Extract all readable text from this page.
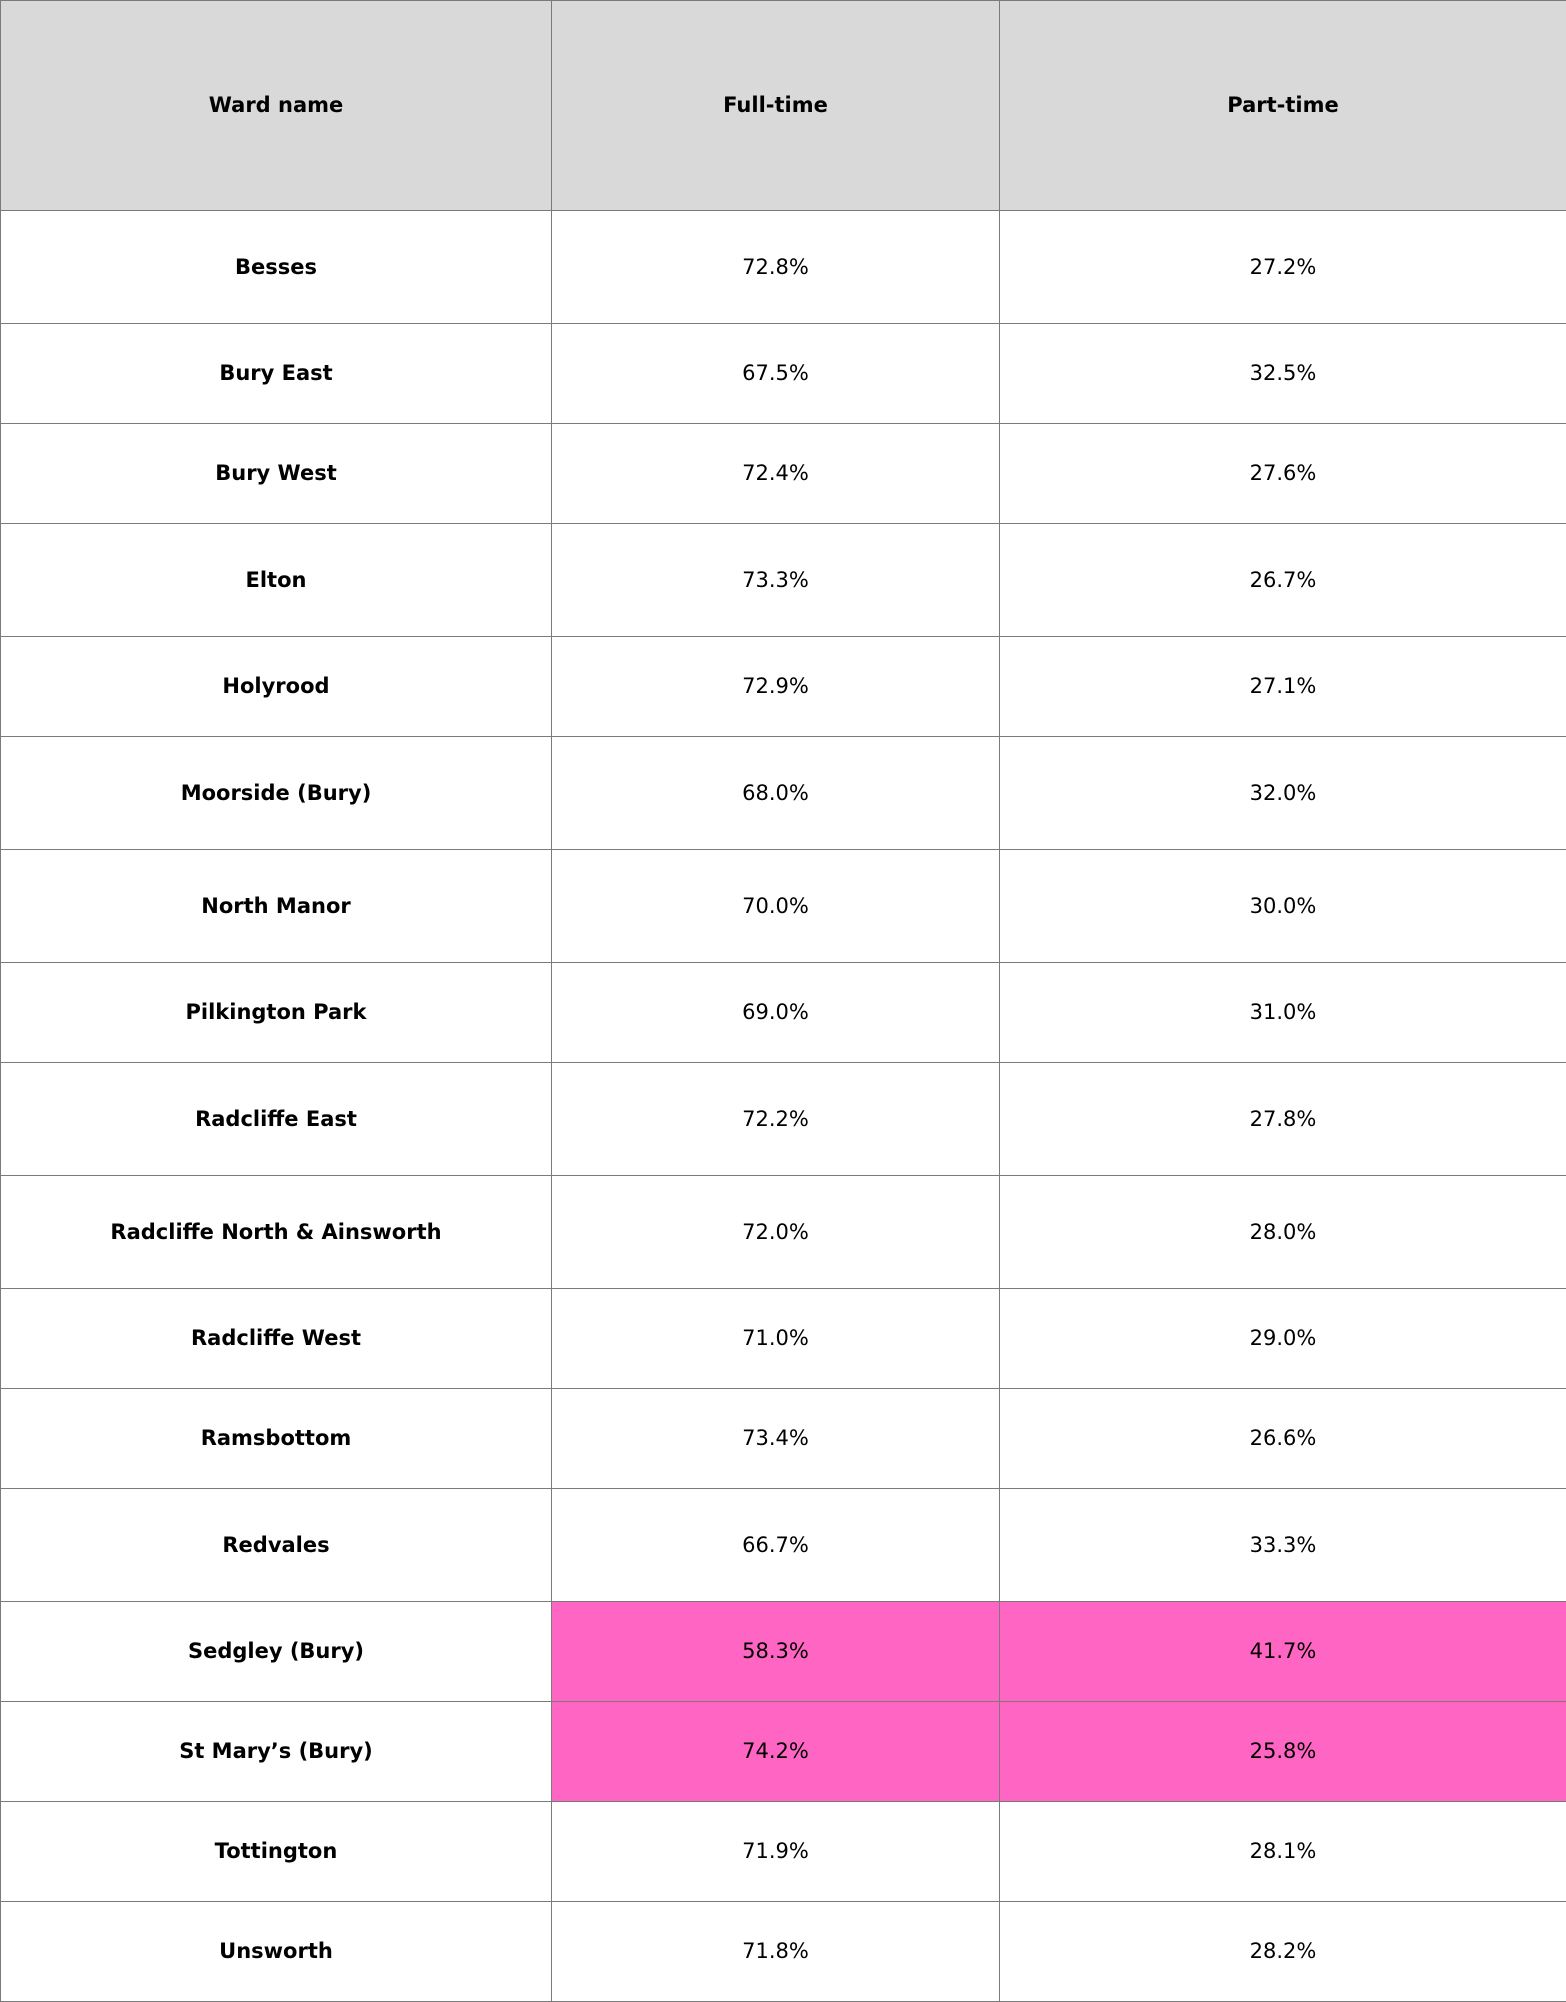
Ward name	Full-time	Part-time
Besses	72.8%	27.2%
Bury East	67.5%	32.5%
Bury West	72.4%	27.6%
Elton	73.3%	26.7%
Holyrood	72.9%	27.1%
Moorside (Bury)	68.0%	32.0%
North Manor	70.0%	30.0%
Pilkington Park	69.0%	31.0%
Radcliffe East	72.2%	27.8%
Radcliffe North & Ainsworth	72.0%	28.0%
Radcliffe West	71.0%	29.0%
Ramsbottom	73.4%	26.6%
Redvales	66.7%	33.3%
Sedgley (Bury)	58.3%	41.7%
St Mary’s (Bury)	74.2%	25.8%
Tottington	71.9%	28.1%
Unsworth	71.8%	28.2%
